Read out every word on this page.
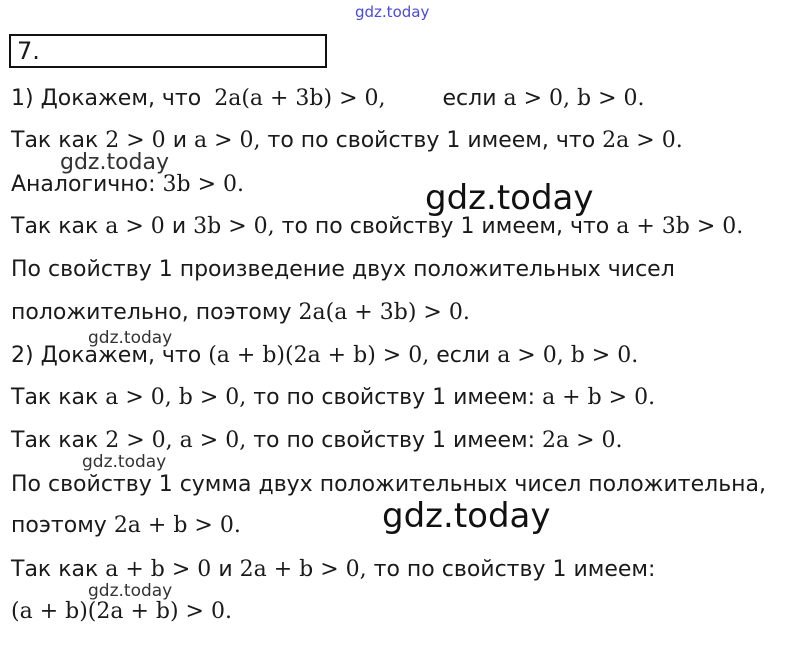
gdz.today
gdz.today
gdz.today
gdz.today
gdz.today
gdz.today
gdz.today
7.
1) Докажем, что 2a(a + 3b) > 0,	если a > 0, b > 0.
Так как 2 > 0 и a > 0, то по свойству 1 имеем, что 2a > 0.
Аналогично: 3b > 0.
Так как a > 0 и 3b > 0, то по свойству 1 имеем, что a + 3b > 0.
По свойству 1 произведение двух положительных чисел
положительно, поэтому 2a(a + 3b) > 0.
2) Докажем, что (a + b)(2a + b) > 0, если a > 0, b > 0.
Так как a > 0, b > 0, то по свойству 1 имеем: a + b > 0.
Так как 2 > 0, a > 0, то по свойству 1 имеем: 2a > 0.
По свойству 1 сумма двух положительных чисел положительна,
поэтому 2a + b > 0.
Так как a + b > 0 и 2a + b > 0, то по свойству 1 имеем:
(a + b)(2a + b) > 0.
